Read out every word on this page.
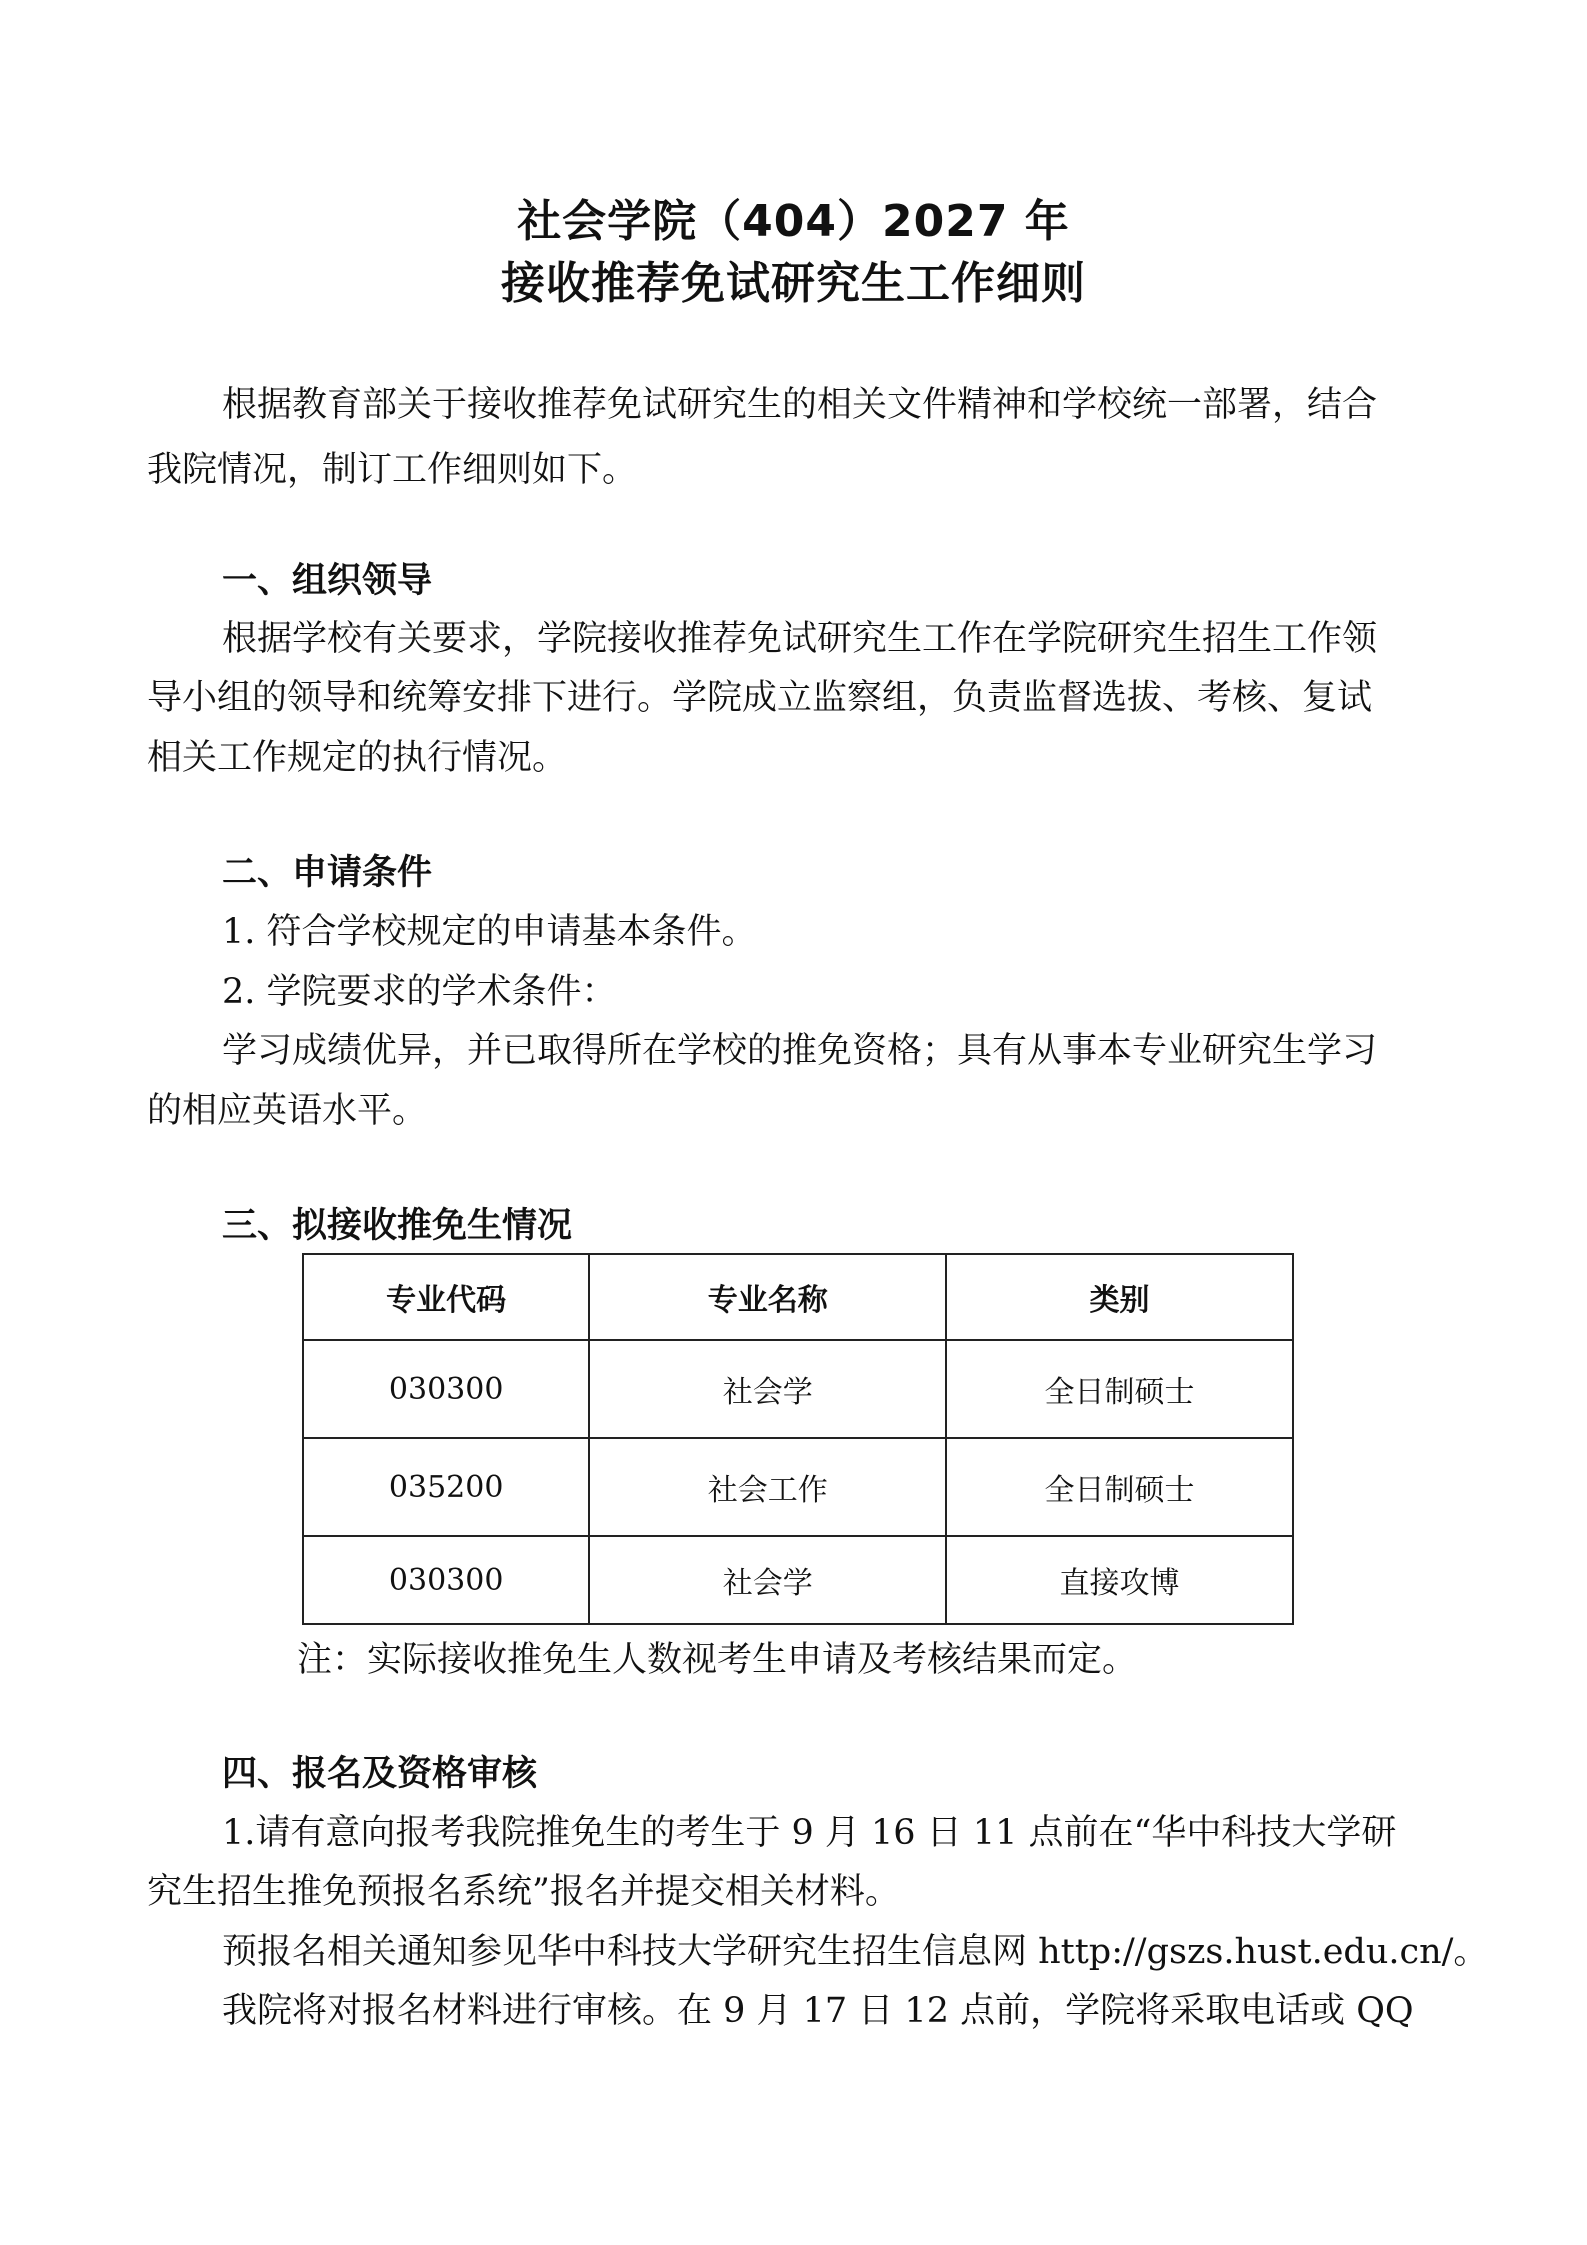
社会学院（404）2027 年
接收推荐免试研究生工作细则
根据教育部关于接收推荐免试研究生的相关文件精神和学校统一部署，结合
我院情况，制订工作细则如下。
一、组织领导
根据学校有关要求，学院接收推荐免试研究生工作在学院研究生招生工作领
导小组的领导和统筹安排下进行。学院成立监察组，负责监督选拔、考核、复试
相关工作规定的执行情况。
二、申请条件
1. 符合学校规定的申请基本条件。
2. 学院要求的学术条件：
学习成绩优异，并已取得所在学校的推免资格；具有从事本专业研究生学习
的相应英语水平。
三、拟接收推免生情况
专业代码	专业名称	类别
030300	社会学	全日制硕士
035200	社会工作	全日制硕士
030300	社会学	直接攻博
注：实际接收推免生人数视考生申请及考核结果而定。
四、报名及资格审核
1.请有意向报考我院推免生的考生于 9 月 16 日 11 点前在“华中科技大学研
究生招生推免预报名系统”报名并提交相关材料。
预报名相关通知参见华中科技大学研究生招生信息网 http://gszs.hust.edu.cn/。
我院将对报名材料进行审核。在 9 月 17 日 12 点前，学院将采取电话或 QQ
